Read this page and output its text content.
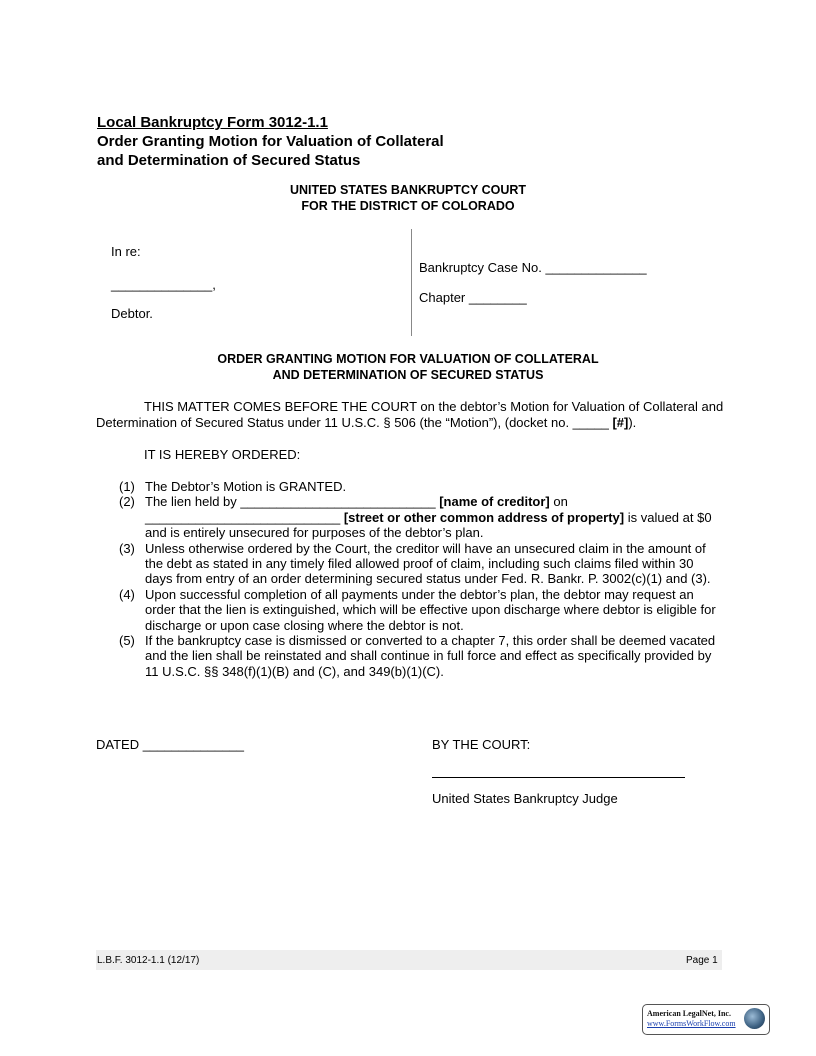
Local Bankruptcy Form 3012-1.1
Order Granting Motion for Valuation of Collateral
and Determination of Secured Status
UNITED STATES BANKRUPTCY COURT
FOR THE DISTRICT OF COLORADO
In re:
______________,
Debtor.
Bankruptcy Case No. ______________
Chapter ________
ORDER GRANTING MOTION FOR VALUATION OF COLLATERAL
AND DETERMINATION OF SECURED STATUS
THIS MATTER COMES BEFORE THE COURT on the debtor’s Motion for Valuation of Collateral and Determination of Secured Status under 11 U.S.C. § 506 (the “Motion”), (docket no. _____ [#]).
IT IS HEREBY ORDERED:
(1) The Debtor’s Motion is GRANTED.
(2) The lien held by ___________________________ [name of creditor] on
___________________________ [street or other common address of property] is valued at $0 and is entirely unsecured for purposes of the debtor’s plan.
(3) Unless otherwise ordered by the Court, the creditor will have an unsecured claim in the amount of the debt as stated in any timely filed allowed proof of claim, including such claims filed within 30 days from entry of an order determining secured status under Fed. R. Bankr. P. 3002(c)(1) and (3).
(4) Upon successful completion of all payments under the debtor’s plan, the debtor may request an order that the lien is extinguished, which will be effective upon discharge where debtor is eligible for discharge or upon case closing where the debtor is not.
(5) If the bankruptcy case is dismissed or converted to a chapter 7, this order shall be deemed vacated and the lien shall be reinstated and shall continue in full force and effect as specifically provided by 11 U.S.C. §§ 348(f)(1)(B) and (C), and 349(b)(1)(C).
DATED ______________	BY THE COURT:
United States Bankruptcy Judge
L.B.F. 3012-1.1 (12/17)	Page 1
American LegalNet, Inc.
www.FormsWorkFlow.com
